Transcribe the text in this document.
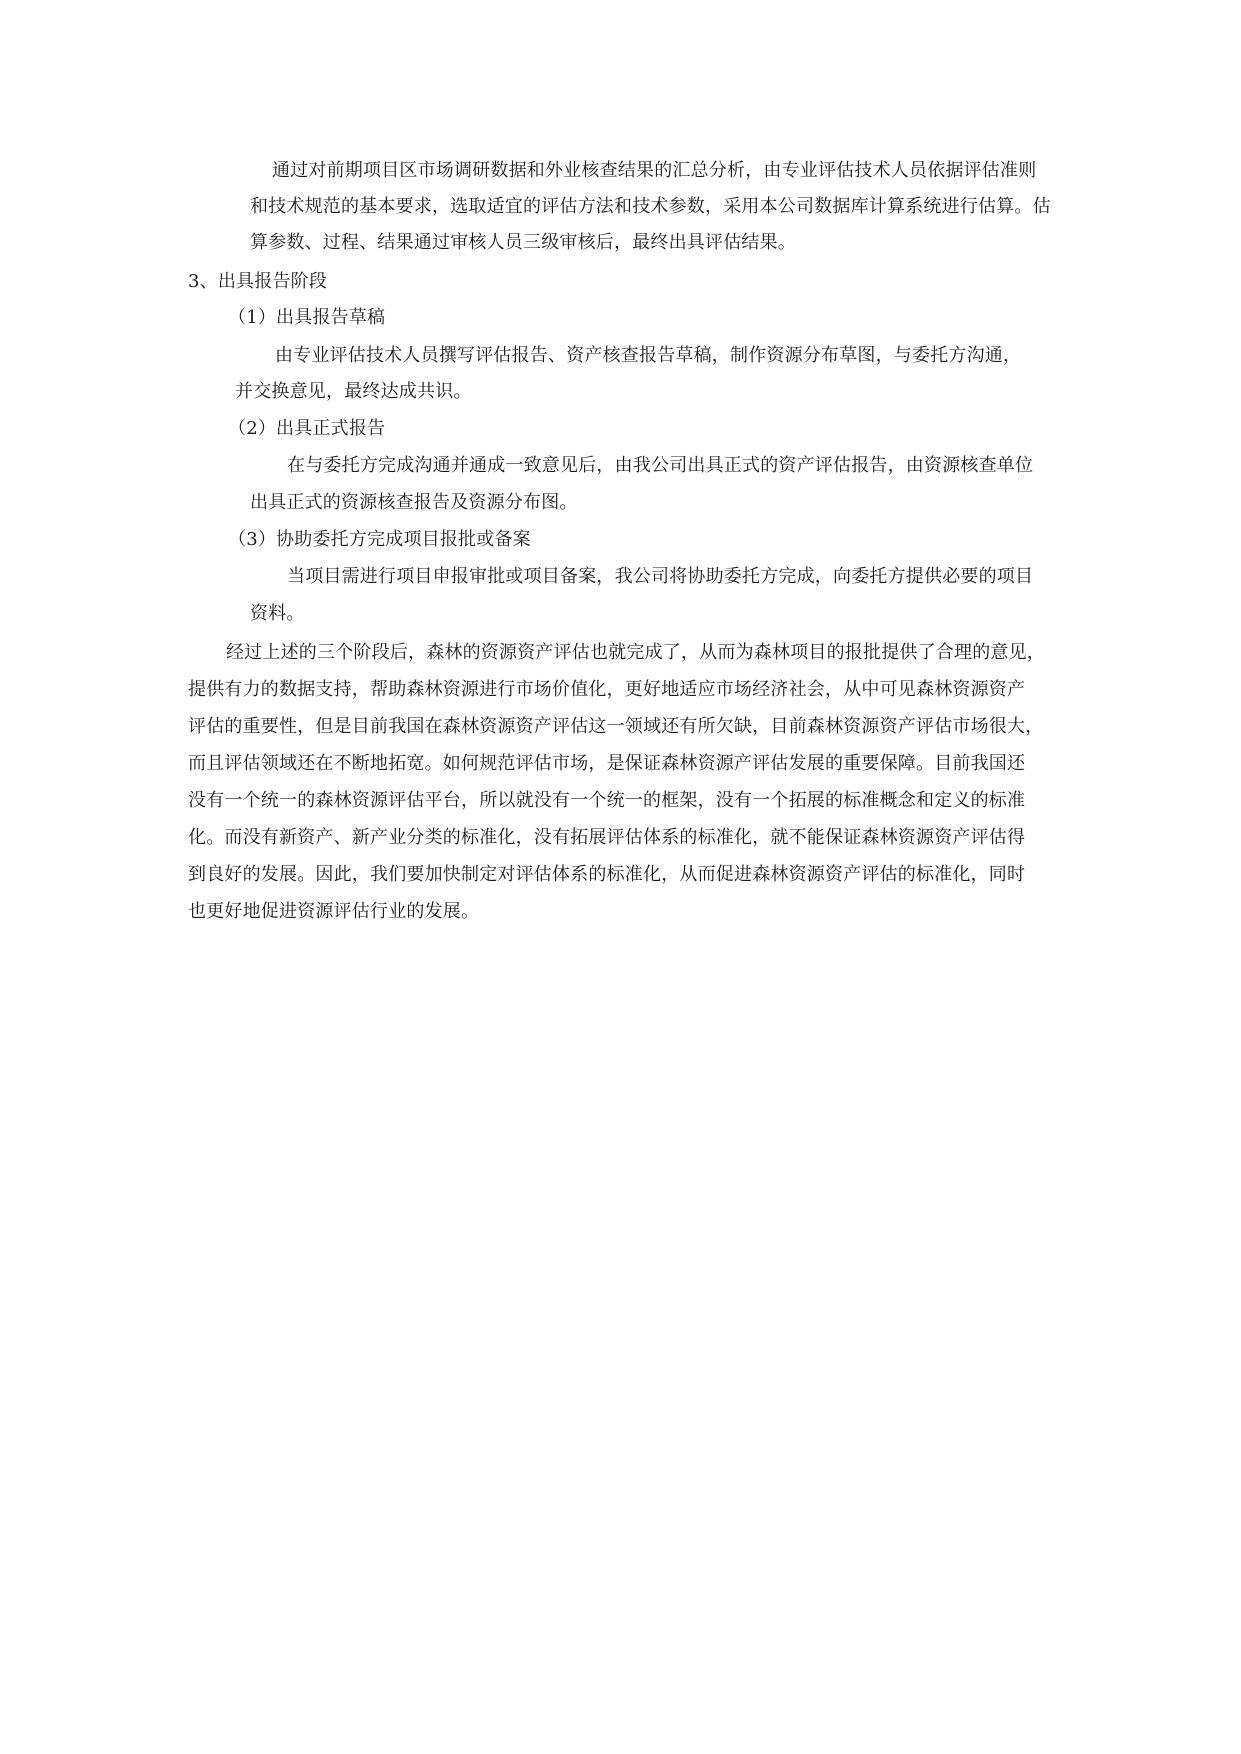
通过对前期项目区市场调研数据和外业核查结果的汇总分析，由专业评估技术人员依据评估准则
和技术规范的基本要求，选取适宜的评估方法和技术参数，采用本公司数据库计算系统进行估算。估
算参数、过程、结果通过审核人员三级审核后，最终出具评估结果。
3、出具报告阶段
（1）出具报告草稿
由专业评估技术人员撰写评估报告、资产核查报告草稿，制作资源分布草图，与委托方沟通，
并交换意见，最终达成共识。
（2）出具正式报告
在与委托方完成沟通并通成一致意见后，由我公司出具正式的资产评估报告，由资源核查单位
出具正式的资源核查报告及资源分布图。
（3）协助委托方完成项目报批或备案
当项目需进行项目申报审批或项目备案，我公司将协助委托方完成，向委托方提供必要的项目
资料。
经过上述的三个阶段后，森林的资源资产评估也就完成了，从而为森林项目的报批提供了合理的意见，
提供有力的数据支持，帮助森林资源进行市场价值化，更好地适应市场经济社会，从中可见森林资源资产
评估的重要性，但是目前我国在森林资源资产评估这一领域还有所欠缺，目前森林资源资产评估市场很大，
而且评估领域还在不断地拓宽。如何规范评估市场，是保证森林资源产评估发展的重要保障。目前我国还
没有一个统一的森林资源评估平台，所以就没有一个统一的框架，没有一个拓展的标准概念和定义的标准
化。而没有新资产、新产业分类的标准化，没有拓展评估体系的标准化，就不能保证森林资源资产评估得
到良好的发展。因此，我们要加快制定对评估体系的标准化，从而促进森林资源资产评估的标准化，同时
也更好地促进资源评估行业的发展。
